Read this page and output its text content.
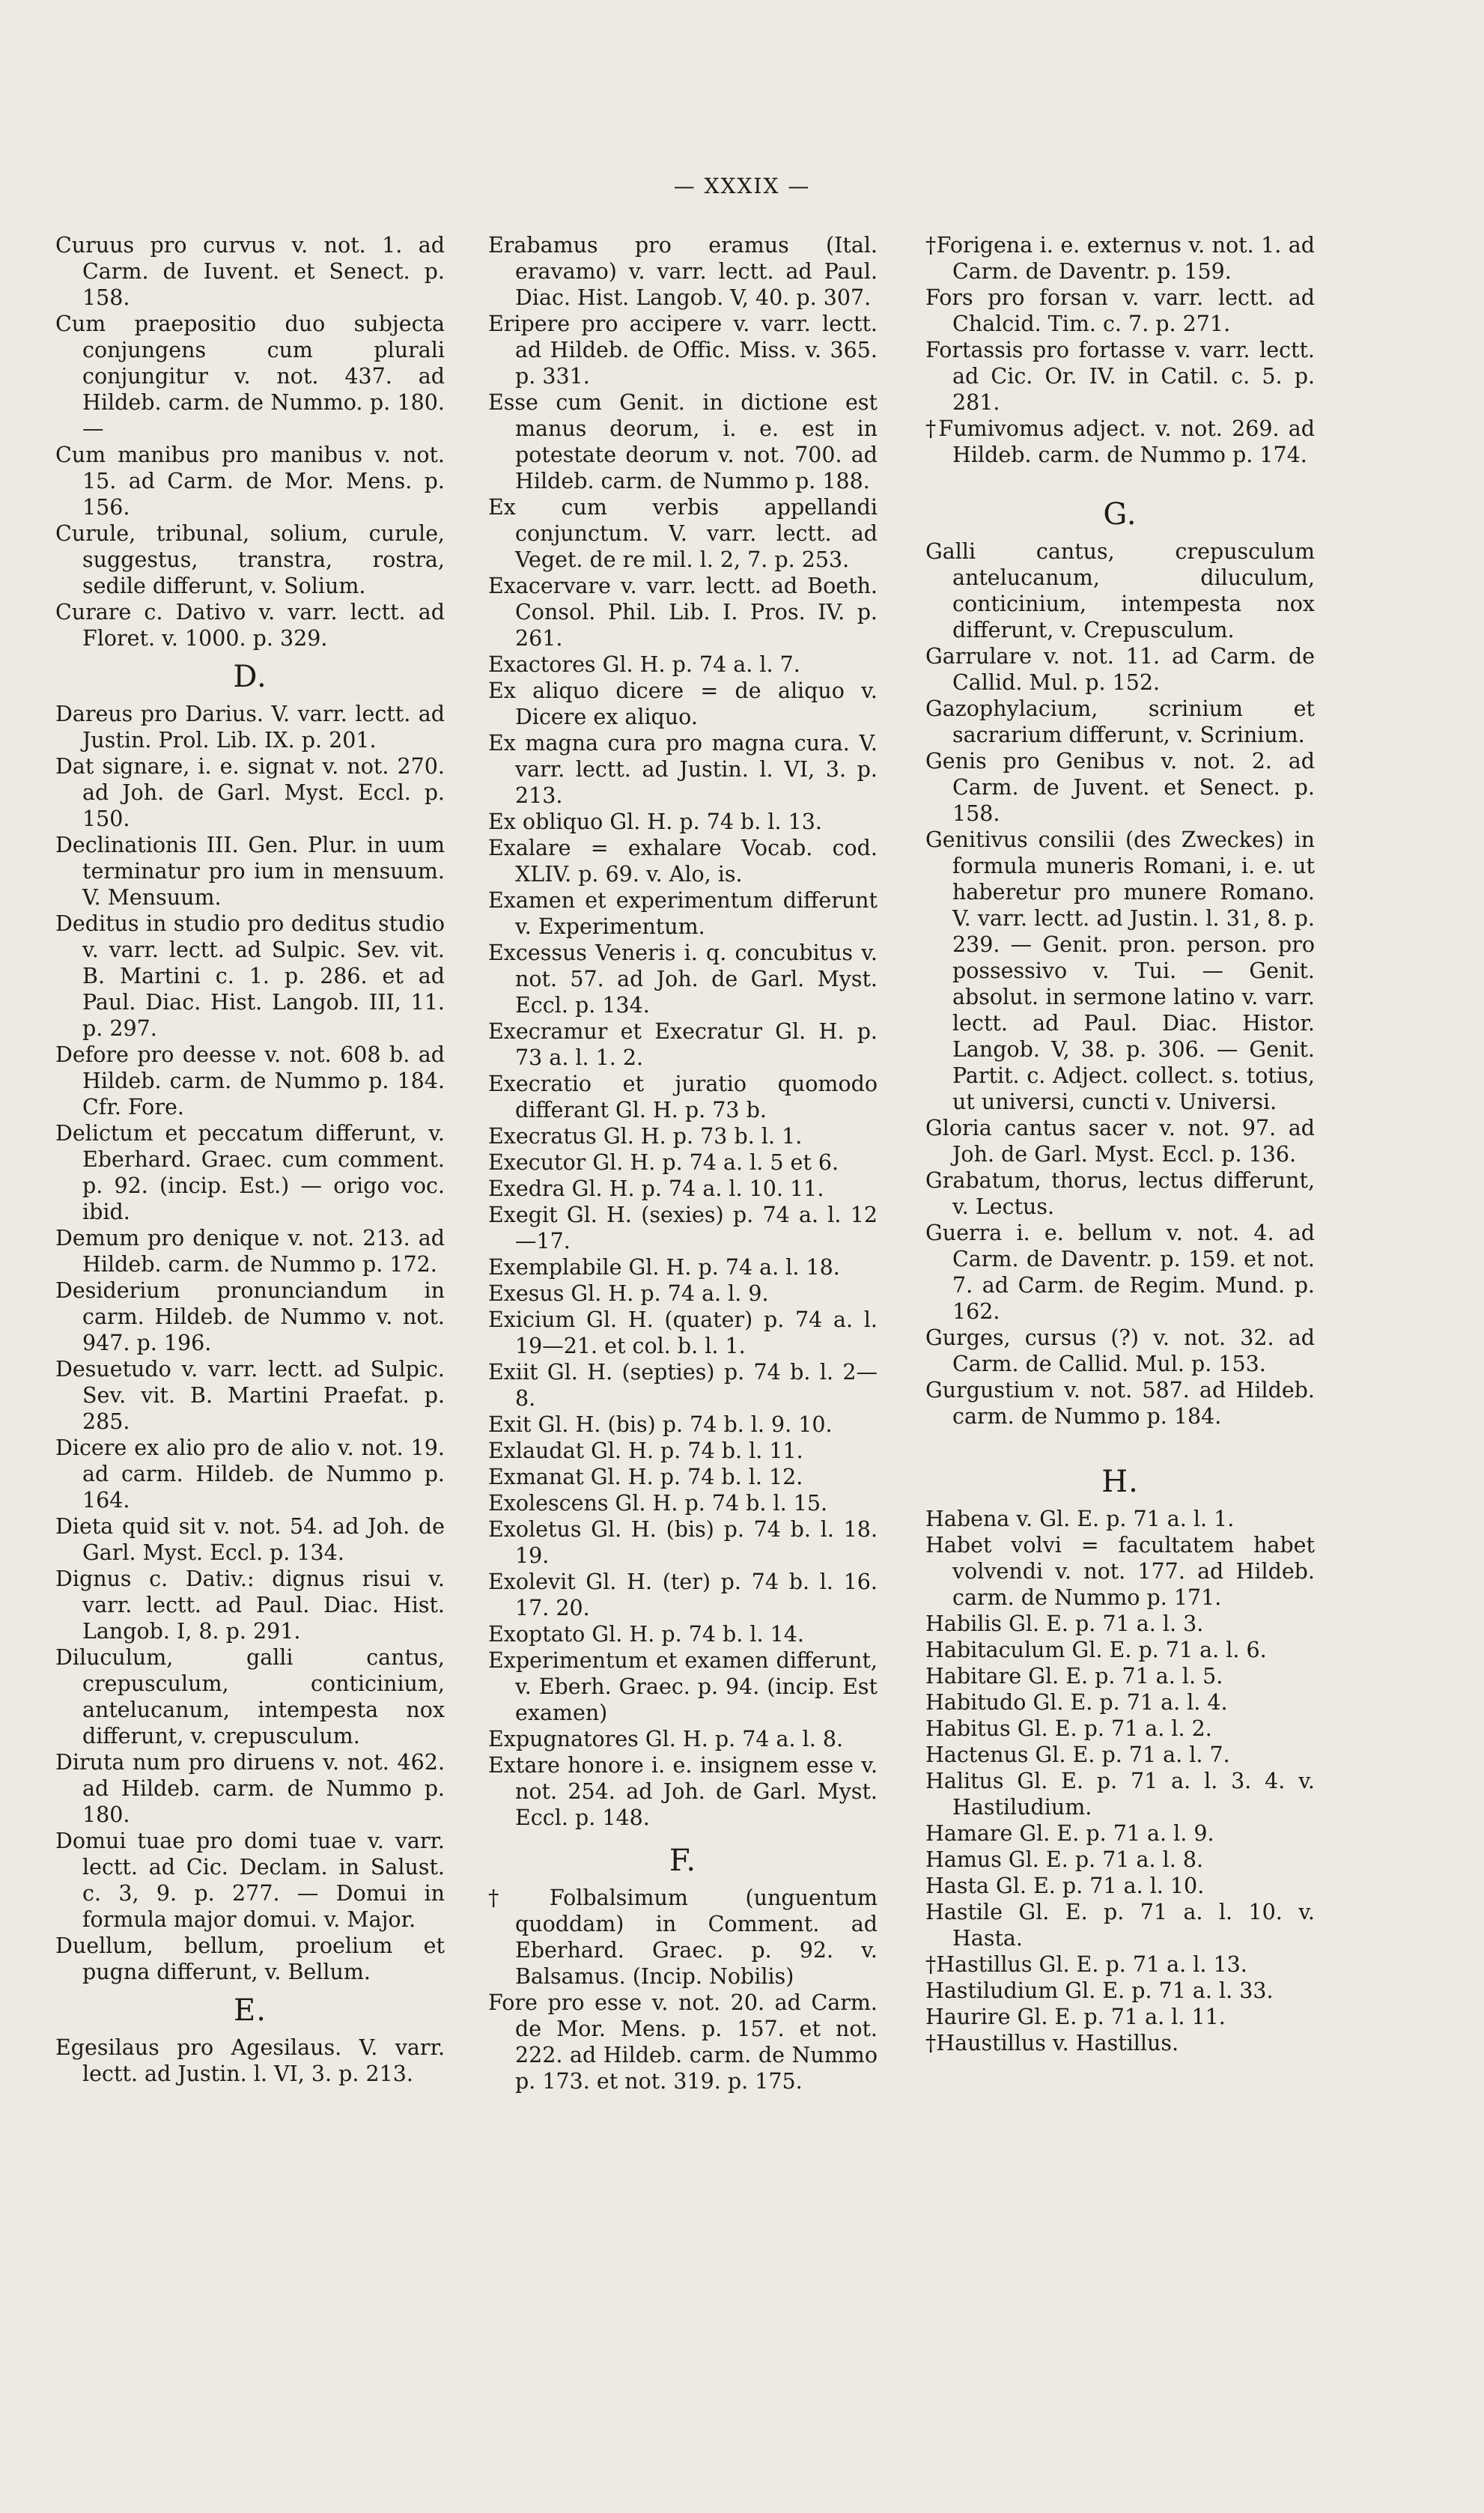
— XXXIX —

Curuus pro curvus v. not. 1. ad Carm. de Iuvent. et Senect. p. 158.

Cum praepositio duo subjecta conjungens cum plurali conjungitur v. not. 437. ad Hildeb. carm. de Nummo. p. 180. —

Cum manibus pro manibus v. not. 15. ad Carm. de Mor. Mens. p. 156.

Curule, tribunal, solium, curule, suggestus, transtra, rostra, sedile differunt, v. Solium.

Curare c. Dativo v. varr. lectt. ad Floret. v. 1000. p. 329.

D.

Dareus pro Darius. V. varr. lectt. ad Justin. Prol. Lib. IX. p. 201.

Dat signare, i. e. signat v. not. 270. ad Joh. de Garl. Myst. Eccl. p. 150.

Declinationis III. Gen. Plur. in uum terminatur pro ium in mensuum. V. Mensuum.

Deditus in studio pro deditus studio v. varr. lectt. ad Sulpic. Sev. vit. B. Martini c. 1. p. 286. et ad Paul. Diac. Hist. Langob. III, 11. p. 297.

Defore pro deesse v. not. 608 b. ad Hildeb. carm. de Nummo p. 184. Cfr. Fore.

Delictum et peccatum differunt, v. Eberhard. Graec. cum comment. p. 92. (incip. Est.) — origo voc. ibid.

Demum pro denique v. not. 213. ad Hildeb. carm. de Nummo p. 172.

Desiderium pronunciandum in carm. Hildeb. de Nummo v. not. 947. p. 196.

Desuetudo v. varr. lectt. ad Sulpic. Sev. vit. B. Martini Praefat. p. 285.

Dicere ex alio pro de alio v. not. 19. ad carm. Hildeb. de Nummo p. 164.

Dieta quid sit v. not. 54. ad Joh. de Garl. Myst. Eccl. p. 134.

Dignus c. Dativ.: dignus risui v. varr. lectt. ad Paul. Diac. Hist. Langob. I, 8. p. 291.

Diluculum, galli cantus, crepusculum, conticinium, antelucanum, intempesta nox differunt, v. crepusculum.

Diruta num pro diruens v. not. 462. ad Hildeb. carm. de Nummo p. 180.

Domui tuae pro domi tuae v. varr. lectt. ad Cic. Declam. in Salust. c. 3, 9. p. 277. — Domui in formula major domui. v. Major.

Duellum, bellum, proelium et pugna differunt, v. Bellum.

E.

Egesilaus pro Agesilaus. V. varr. lectt. ad Justin. l. VI, 3. p. 213.

Erabamus pro eramus (Ital. eravamo) v. varr. lectt. ad Paul. Diac. Hist. Langob. V, 40. p. 307.

Eripere pro accipere v. varr. lectt. ad Hildeb. de Offic. Miss. v. 365. p. 331.

Esse cum Genit. in dictione est manus deorum, i. e. est in potestate deorum v. not. 700. ad Hildeb. carm. de Nummo p. 188.

Ex cum verbis appellandi conjunctum. V. varr. lectt. ad Veget. de re mil. l. 2, 7. p. 253.

Exacervare v. varr. lectt. ad Boeth. Consol. Phil. Lib. I. Pros. IV. p. 261.

Exactores Gl. H. p. 74 a. l. 7.

Ex aliquo dicere = de aliquo v. Dicere ex aliquo.

Ex magna cura pro magna cura. V. varr. lectt. ad Justin. l. VI, 3. p. 213.

Ex obliquo Gl. H. p. 74 b. l. 13.

Exalare = exhalare Vocab. cod. XLIV. p. 69. v. Alo, is.

Examen et experimentum differunt v. Experimentum.

Excessus Veneris i. q. concubitus v. not. 57. ad Joh. de Garl. Myst. Eccl. p. 134.

Execramur et Execratur Gl. H. p. 73 a. l. 1. 2.

Execratio et juratio quomodo differant Gl. H. p. 73 b.

Execratus Gl. H. p. 73 b. l. 1.

Executor Gl. H. p. 74 a. l. 5 et 6.

Exedra Gl. H. p. 74 a. l. 10. 11.

Exegit Gl. H. (sexies) p. 74 a. l. 12—17.

Exemplabile Gl. H. p. 74 a. l. 18.

Exesus Gl. H. p. 74 a. l. 9.

Exicium Gl. H. (quater) p. 74 a. l. 19—21. et col. b. l. 1.

Exiit Gl. H. (septies) p. 74 b. l. 2—8.

Exit Gl. H. (bis) p. 74 b. l. 9. 10.

Exlaudat Gl. H. p. 74 b. l. 11.

Exmanat Gl. H. p. 74 b. l. 12.

Exolescens Gl. H. p. 74 b. l. 15.

Exoletus Gl. H. (bis) p. 74 b. l. 18. 19.

Exolevit Gl. H. (ter) p. 74 b. l. 16. 17. 20.

Exoptato Gl. H. p. 74 b. l. 14.

Experimentum et examen differunt, v. Eberh. Graec. p. 94. (incip. Est examen)

Expugnatores Gl. H. p. 74 a. l. 8.

Extare honore i. e. insignem esse v. not. 254. ad Joh. de Garl. Myst. Eccl. p. 148.

F.

†Folbalsimum (unguentum quoddam) in Comment. ad Eberhard. Graec. p. 92. v. Balsamus. (Incip. Nobilis)

Fore pro esse v. not. 20. ad Carm. de Mor. Mens. p. 157. et not. 222. ad Hildeb. carm. de Nummo p. 173. et not. 319. p. 175.

†Forigena i. e. externus v. not. 1. ad Carm. de Daventr. p. 159.

Fors pro forsan v. varr. lectt. ad Chalcid. Tim. c. 7. p. 271.

Fortassis pro fortasse v. varr. lectt. ad Cic. Or. IV. in Catil. c. 5. p. 281.

†Fumivomus adject. v. not. 269. ad Hildeb. carm. de Nummo p. 174.

G.

Galli cantus, crepusculum antelucanum, diluculum, conticinium, intempesta nox differunt, v. Crepusculum.

Garrulare v. not. 11. ad Carm. de Callid. Mul. p. 152.

Gazophylacium, scrinium et sacrarium differunt, v. Scrinium.

Genis pro Genibus v. not. 2. ad Carm. de Juvent. et Senect. p. 158.

Genitivus consilii (des Zweckes) in formula muneris Romani, i. e. ut haberetur pro munere Romano. V. varr. lectt. ad Justin. l. 31, 8. p. 239. — Genit. pron. person. pro possessivo v. Tui. — Genit. absolut. in sermone latino v. varr. lectt. ad Paul. Diac. Histor. Langob. V, 38. p. 306. — Genit. Partit. c. Adject. collect. s. totius, ut universi, cuncti v. Universi.

Gloria cantus sacer v. not. 97. ad Joh. de Garl. Myst. Eccl. p. 136.

Grabatum, thorus, lectus differunt, v. Lectus.

Guerra i. e. bellum v. not. 4. ad Carm. de Daventr. p. 159. et not. 7. ad Carm. de Regim. Mund. p. 162.

Gurges, cursus (?) v. not. 32. ad Carm. de Callid. Mul. p. 153.

Gurgustium v. not. 587. ad Hildeb. carm. de Nummo p. 184.

H.

Habena v. Gl. E. p. 71 a. l. 1.

Habet volvi = facultatem habet volvendi v. not. 177. ad Hildeb. carm. de Nummo p. 171.

Habilis Gl. E. p. 71 a. l. 3.

Habitaculum Gl. E. p. 71 a. l. 6.

Habitare Gl. E. p. 71 a. l. 5.

Habitudo Gl. E. p. 71 a. l. 4.

Habitus Gl. E. p. 71 a. l. 2.

Hactenus Gl. E. p. 71 a. l. 7.

Halitus Gl. E. p. 71 a. l. 3. 4. v. Hastiludium.

Hamare Gl. E. p. 71 a. l. 9.

Hamus Gl. E. p. 71 a. l. 8.

Hasta Gl. E. p. 71 a. l. 10.

Hastile Gl. E. p. 71 a. l. 10. v. Hasta.

†Hastillus Gl. E. p. 71 a. l. 13.

Hastiludium Gl. E. p. 71 a. l. 33.

Haurire Gl. E. p. 71 a. l. 11.

†Haustillus v. Hastillus.
